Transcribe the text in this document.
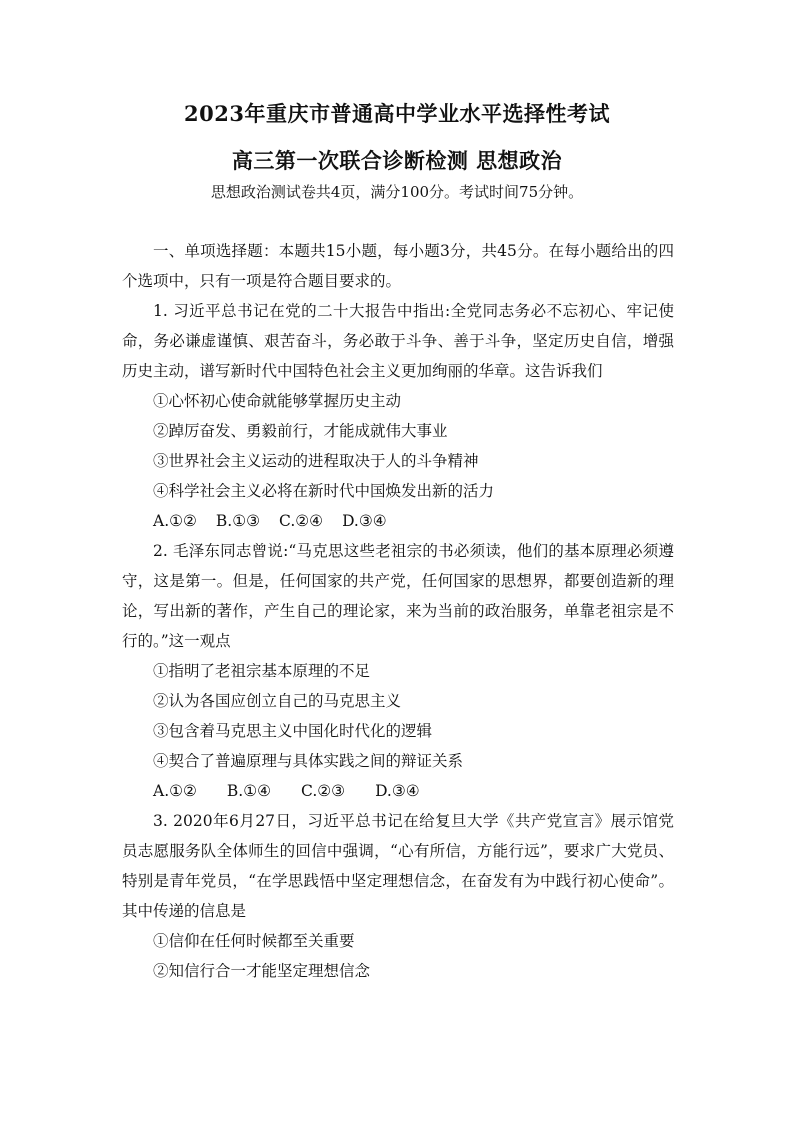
2023年重庆市普通高中学业水平选择性考试
高三第一次联合诊断检测 思想政治
思想政治测试卷共4页，满分100分。考试时间75分钟。

一、单项选择题：本题共15小题，每小题3分，共45分。在每小题给出的四个选项中，只有一项是符合题目要求的。

1. 习近平总书记在党的二十大报告中指出:全党同志务必不忘初心、牢记使命，务必谦虚谨慎、艰苦奋斗，务必敢于斗争、善于斗争，坚定历史自信，增强历史主动，谱写新时代中国特色社会主义更加绚丽的华章。这告诉我们

①心怀初心使命就能够掌握历史主动

②踔厉奋发、勇毅前行，才能成就伟大事业

③世界社会主义运动的进程取决于人的斗争精神

④科学社会主义必将在新时代中国焕发出新的活力

A.①② B.①③ C.②④ D.③④

2. 毛泽东同志曾说:“马克思这些老祖宗的书必须读，他们的基本原理必须遵守，这是第一。但是，任何国家的共产党，任何国家的思想界，都要创造新的理论，写出新的著作，产生自己的理论家，来为当前的政治服务，单靠老祖宗是不行的。”这一观点

①指明了老祖宗基本原理的不足

②认为各国应创立自己的马克思主义

③包含着马克思主义中国化时代化的逻辑

④契合了普遍原理与具体实践之间的辩证关系

A.①② B.①④ C.②③ D.③④

3. 2020年6月27日，习近平总书记在给复旦大学《共产党宣言》展示馆党员志愿服务队全体师生的回信中强调，“心有所信，方能行远”，要求广大党员、特别是青年党员，“在学思践悟中坚定理想信念，在奋发有为中践行初心使命”。其中传递的信息是

①信仰在任何时候都至关重要

②知信行合一才能坚定理想信念
